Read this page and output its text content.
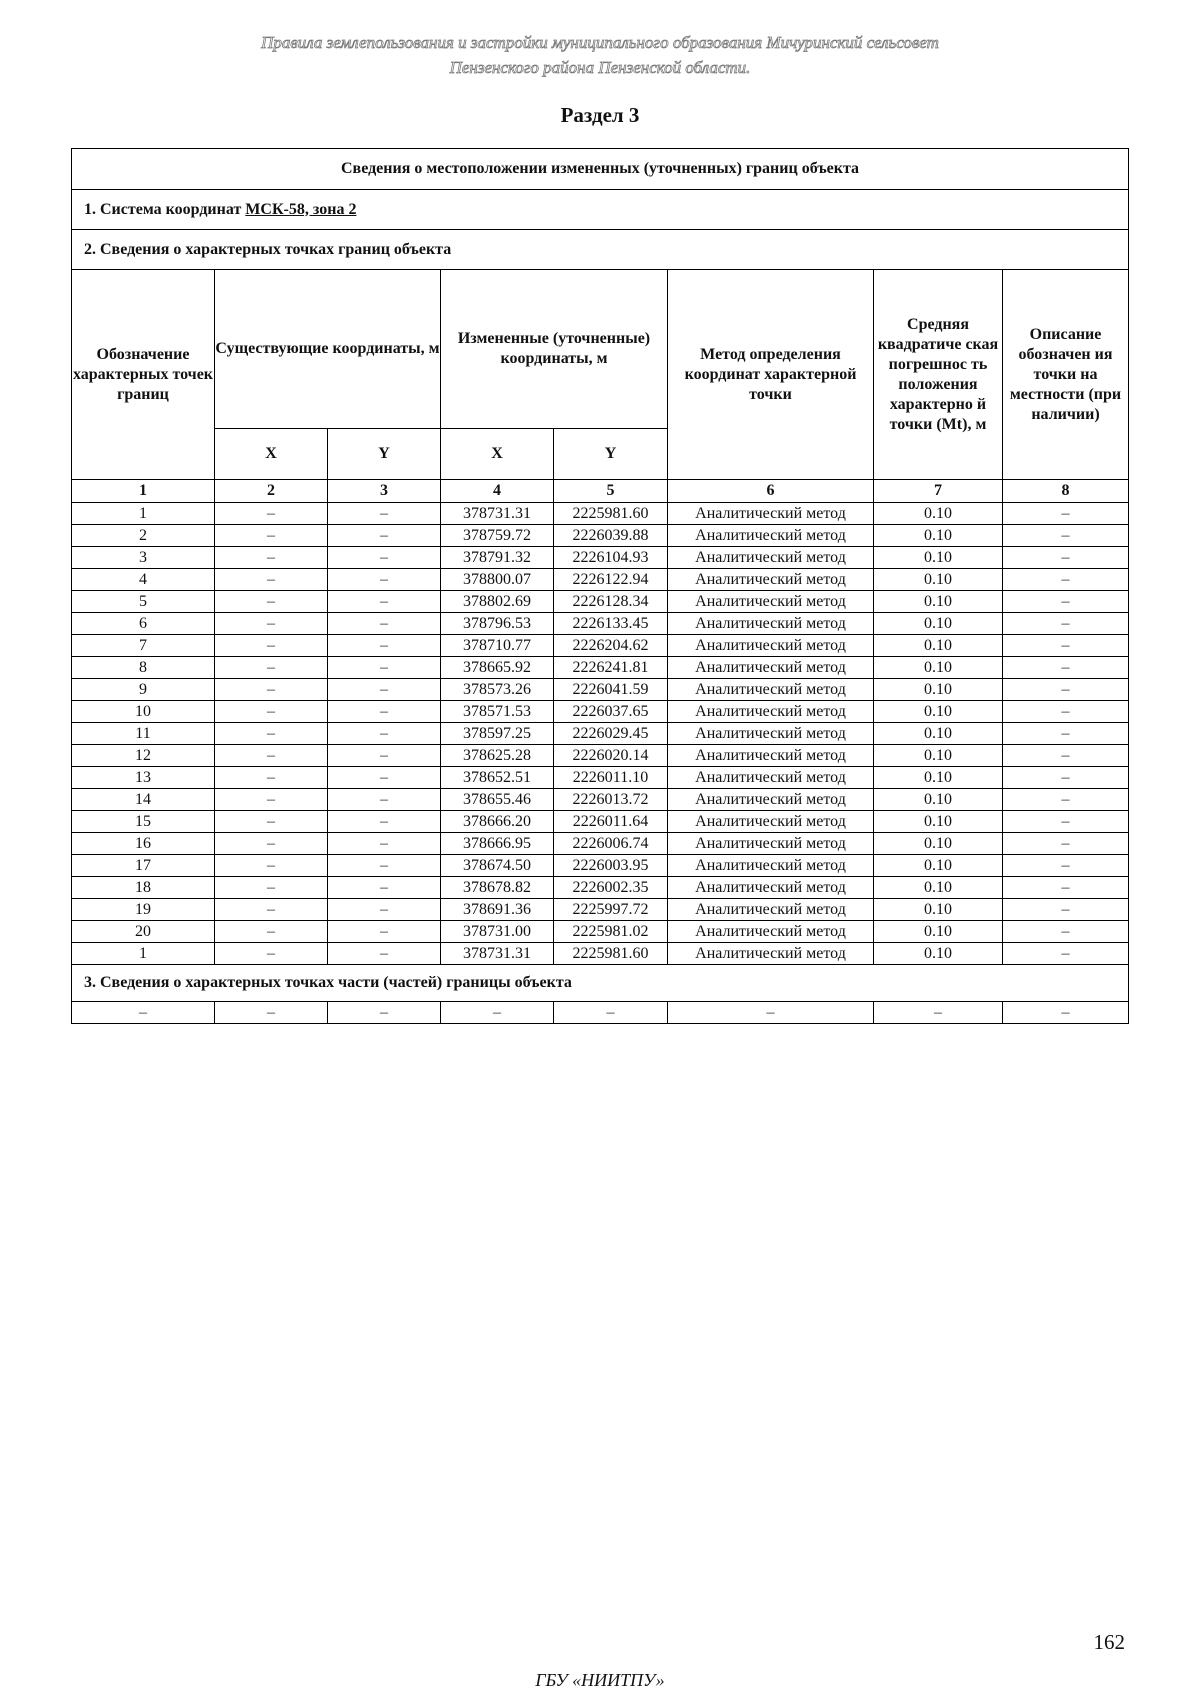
Правила землепользования и застройки муниципального образования Мичуринский сельсовет
Пензенского района Пензенской области.
Раздел 3
Сведения о местоположении измененных (уточненных) границ объекта							
1. Система координат МСК-58, зона 2							
2. Сведения о характерных точках границ объекта							
Обозначение характерных точек границ	Существующие координаты, м		Измененные (уточненные) координаты, м		Метод определения координат характерной точки	Средняя квадратиче ская погрешнос ть положения характерно й точки (Mt), м	Описание обозначен ия точки на местности (при наличии)
	X	Y	X	Y			
1	2	3	4	5	6	7	8
1	–	–	378731.31	2225981.60	Аналитический метод	0.10	–
2	–	–	378759.72	2226039.88	Аналитический метод	0.10	–
3	–	–	378791.32	2226104.93	Аналитический метод	0.10	–
4	–	–	378800.07	2226122.94	Аналитический метод	0.10	–
5	–	–	378802.69	2226128.34	Аналитический метод	0.10	–
6	–	–	378796.53	2226133.45	Аналитический метод	0.10	–
7	–	–	378710.77	2226204.62	Аналитический метод	0.10	–
8	–	–	378665.92	2226241.81	Аналитический метод	0.10	–
9	–	–	378573.26	2226041.59	Аналитический метод	0.10	–
10	–	–	378571.53	2226037.65	Аналитический метод	0.10	–
11	–	–	378597.25	2226029.45	Аналитический метод	0.10	–
12	–	–	378625.28	2226020.14	Аналитический метод	0.10	–
13	–	–	378652.51	2226011.10	Аналитический метод	0.10	–
14	–	–	378655.46	2226013.72	Аналитический метод	0.10	–
15	–	–	378666.20	2226011.64	Аналитический метод	0.10	–
16	–	–	378666.95	2226006.74	Аналитический метод	0.10	–
17	–	–	378674.50	2226003.95	Аналитический метод	0.10	–
18	–	–	378678.82	2226002.35	Аналитический метод	0.10	–
19	–	–	378691.36	2225997.72	Аналитический метод	0.10	–
20	–	–	378731.00	2225981.02	Аналитический метод	0.10	–
1	–	–	378731.31	2225981.60	Аналитический метод	0.10	–
3. Сведения о характерных точках части (частей) границы объекта							
–	–	–	–	–	–	–	–
162
ГБУ «НИИТПУ»
